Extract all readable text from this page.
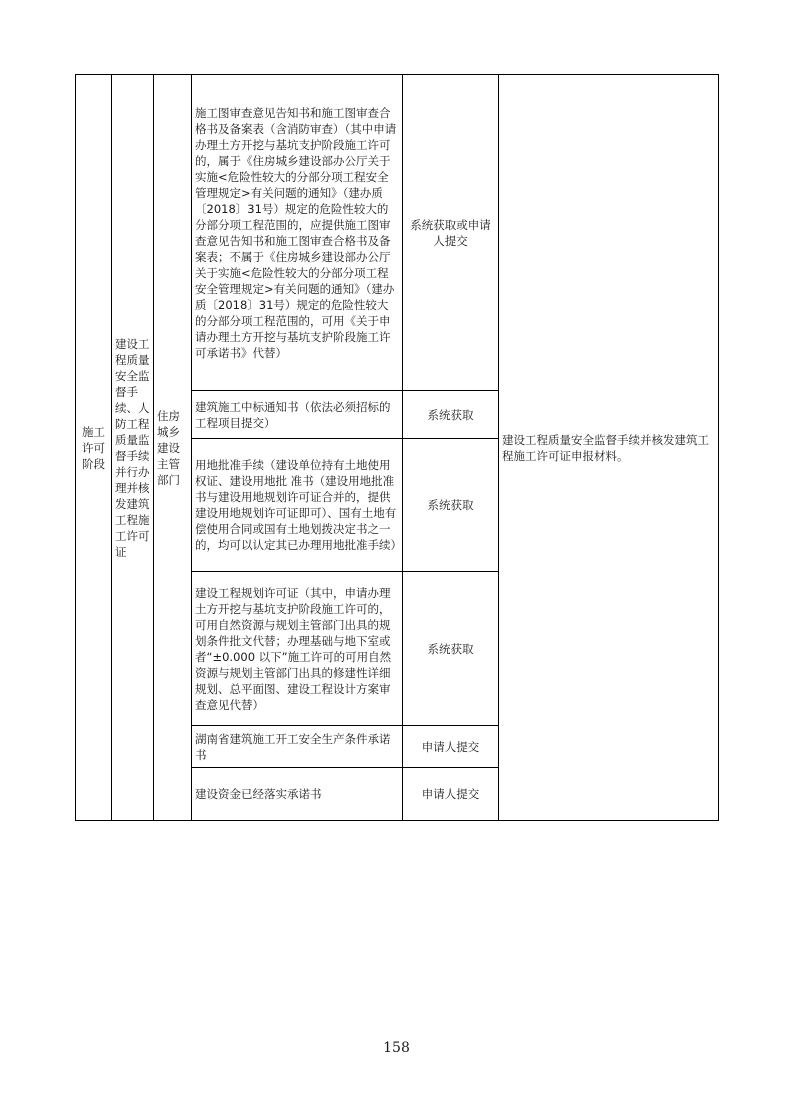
施工许可阶段	建设工程质量安全监督手续、人防工程质量监督手续并行办理并核发建筑工程施工许可证	住房城乡建设主管部门	施工图审查意见告知书和施工图审查合格书及备案表（含消防审查）（其中申请办理土方开挖与基坑支护阶段施工许可的，属于《住房城乡建设部办公厅关于实施<危险性较大的分部分项工程安全管理规定>有关问题的通知》（建办质〔2018〕31号）规定的危险性较大的分部分项工程范围的，应提供施工图审查意见告知书和施工图审查合格书及备案表；不属于《住房城乡建设部办公厅关于实施<危险性较大的分部分项工程安全管理规定>有关问题的通知》（建办质〔2018〕31号）规定的危险性较大的分部分项工程范围的，可用《关于申请办理土方开挖与基坑支护阶段施工许可承诺书》代替）	系统获取或申请人提交	建设工程质量安全监督手续并核发建筑工程施工许可证申报材料。
			建筑施工中标通知书（依法必须招标的工程项目提交）	系统获取	
			用地批准手续（建设单位持有土地使用权证、建设用地批 准书（建设用地批准书与建设用地规划许可证合并的，提供建设用地规划许可证即可）、国有土地有偿使用合同或国有土地划拨决定书之一的，均可以认定其已办理用地批准手续）	系统获取	
			建设工程规划许可证（其中，申请办理土方开挖与基坑支护阶段施工许可的，可用自然资源与规划主管部门出具的规划条件批文代替；办理基础与地下室或者“±0.000 以下”施工许可的可用自然资源与规划主管部门出具的修建性详细规划、总平面图、建设工程设计方案审查意见代替）	系统获取	
			湖南省建筑施工开工安全生产条件承诺书	申请人提交	
			建设资金已经落实承诺书	申请人提交	
158
